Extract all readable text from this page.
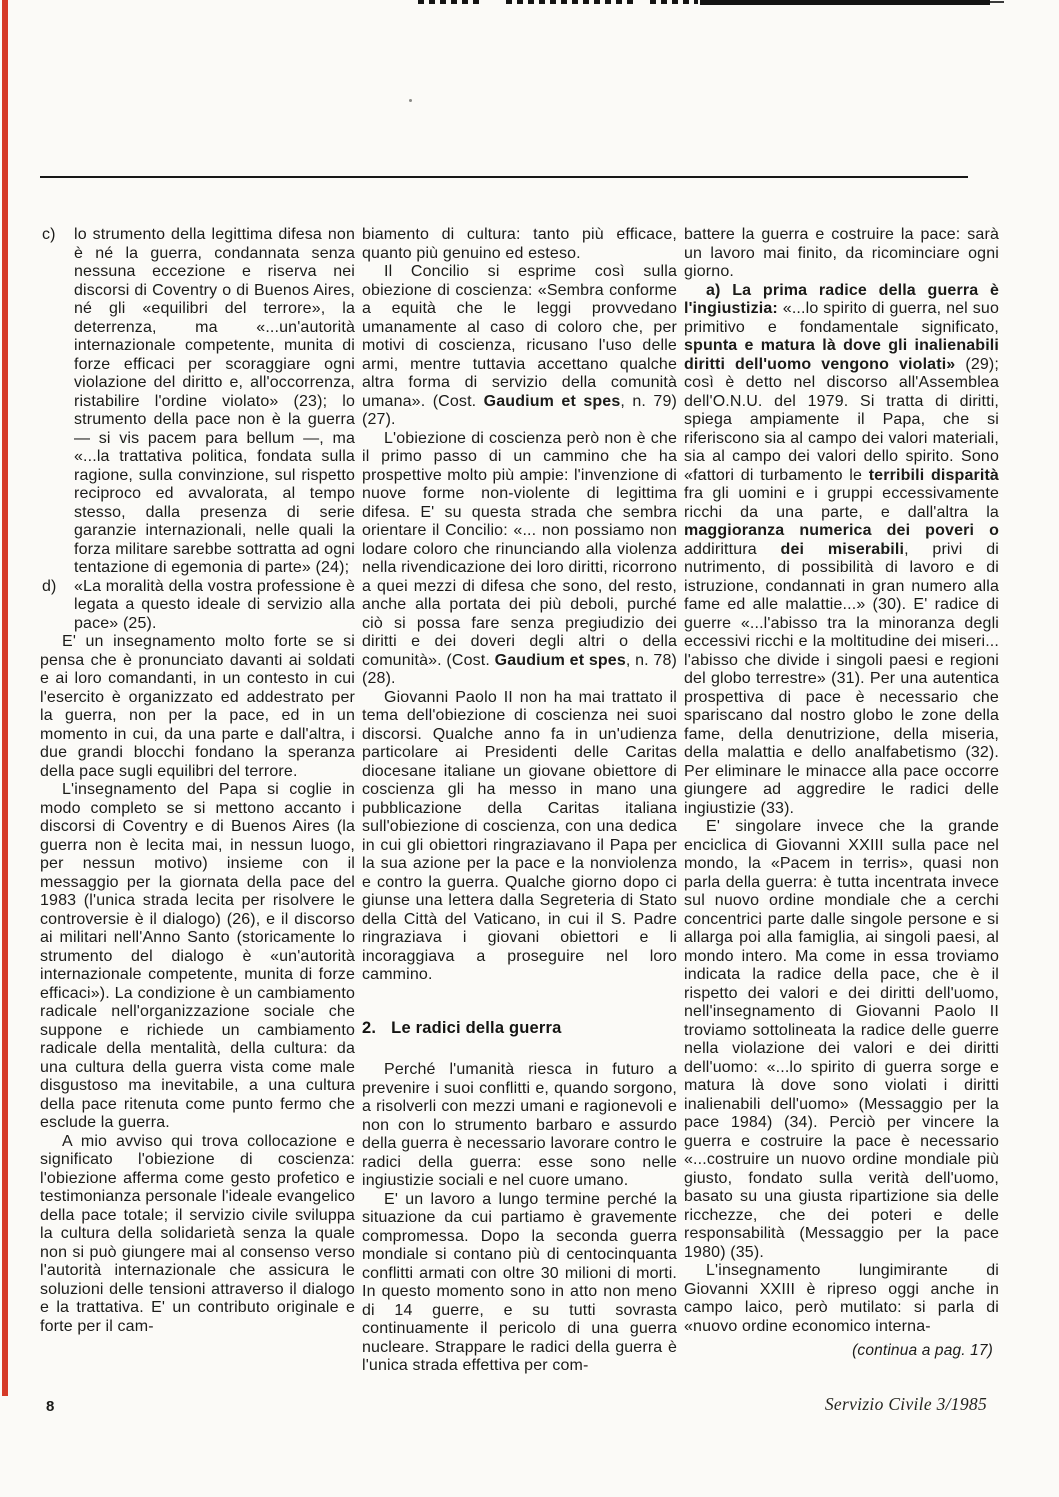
c) lo strumento della legittima difesa non è né la guerra, condannata senza nessuna eccezione e riserva nei discorsi di Coventry o di Buenos Aires, né gli «equilibri del terrore», la deterrenza, ma «...un'autorità internazionale competente, munita di forze efficaci per scoraggiare ogni violazione del diritto e, all'occorrenza, ristabilire l'ordine violato» (23); lo strumento della pace non è la guerra — si vis pacem para bellum —, ma «...la trattativa politica, fondata sulla ragione, sulla convinzione, sul rispetto reciproco ed avvalorata, al tempo stesso, dalla presenza di serie garanzie internazionali, nelle quali la forza militare sarebbe sottratta ad ogni tentazione di egemonia di parte» (24);

d) «La moralità della vostra professione è legata a questo ideale di servizio alla pace» (25).

E' un insegnamento molto forte se si pensa che è pronunciato davanti ai soldati e ai loro comandanti, in un contesto in cui l'esercito è organizzato ed addestrato per la guerra, non per la pace, ed in un momento in cui, da una parte e dall'altra, i due grandi blocchi fondano la speranza della pace sugli equilibri del terrore.

L'insegnamento del Papa si coglie in modo completo se si mettono accanto i discorsi di Coventry e di Buenos Aires (la guerra non è lecita mai, in nessun luogo, per nessun motivo) insieme con il messaggio per la giornata della pace del 1983 (l'unica strada lecita per risolvere le controversie è il dialogo) (26), e il discorso ai militari nell'Anno Santo (storicamente lo strumento del dialogo è «un'autorità internazionale competente, munita di forze efficaci»). La condizione è un cambiamento radicale nell'organizzazione sociale che suppone e richiede un cambiamento radicale della mentalità, della cultura: da una cultura della guerra vista come male disgustoso ma inevitabile, a una cultura della pace ritenuta come punto fermo che esclude la guerra.

A mio avviso qui trova collocazione e significato l'obiezione di coscienza: l'obiezione afferma come gesto profetico e testimonianza personale l'ideale evangelico della pace totale; il servizio civile sviluppa la cultura della solidarietà senza la quale non si può giungere mai al consenso verso l'autorità internazionale che assicura le soluzioni delle tensioni attraverso il dialogo e la trattativa. E' un contributo originale e forte per il cam-

biamento di cultura: tanto più efficace, quanto più genuino ed esteso.

Il Concilio si esprime così sulla obiezione di coscienza: «Sembra conforme a equità che le leggi provvedano umanamente al caso di coloro che, per motivi di coscienza, ricusano l'uso delle armi, mentre tuttavia accettano qualche altra forma di servizio della comunità umana». (Cost. Gaudium et spes, n. 79) (27).

L'obiezione di coscienza però non è che il primo passo di un cammino che ha prospettive molto più ampie: l'invenzione di nuove forme non-violente di legittima difesa. E' su questa strada che sembra orientare il Concilio: «... non possiamo non lodare coloro che rinunciando alla violenza nella rivendicazione dei loro diritti, ricorrono a quei mezzi di difesa che sono, del resto, anche alla portata dei più deboli, purché ciò si possa fare senza pregiudizio dei diritti e dei doveri degli altri o della comunità». (Cost. Gaudium et spes, n. 78) (28).

Giovanni Paolo II non ha mai trattato il tema dell'obiezione di coscienza nei suoi discorsi. Qualche anno fa in un'udienza particolare ai Presidenti delle Caritas diocesane italiane un giovane obiettore di coscienza gli ha messo in mano una pubblicazione della Caritas italiana sull'obiezione di coscienza, con una dedica in cui gli obiettori ringraziavano il Papa per la sua azione per la pace e la nonviolenza e contro la guerra. Qualche giorno dopo ci giunse una lettera dalla Segreteria di Stato della Città del Vaticano, in cui il S. Padre ringraziava i giovani obiettori e li incoraggiava a proseguire nel loro cammino.

2. Le radici della guerra

Perché l'umanità riesca in futuro a prevenire i suoi conflitti e, quando sorgono, a risolverli con mezzi umani e ragionevoli e non con lo strumento barbaro e assurdo della guerra è necessario lavorare contro le radici della guerra: esse sono nelle ingiustizie sociali e nel cuore umano.

E' un lavoro a lungo termine perché la situazione da cui partiamo è gravemente compromessa. Dopo la seconda guerra mondiale si contano più di centocinquanta conflitti armati con oltre 30 milioni di morti. In questo momento sono in atto non meno di 14 guerre, e su tutti sovrasta continuamente il pericolo di una guerra nucleare. Strappare le radici della guerra è l'unica strada effettiva per com-

battere la guerra e costruire la pace: sarà un lavoro mai finito, da ricominciare ogni giorno.

a) La prima radice della guerra è l'ingiustizia: «...lo spirito di guerra, nel suo primitivo e fondamentale significato, spunta e matura là dove gli inalienabili diritti dell'uomo vengono violati» (29); così è detto nel discorso all'Assemblea dell'O.N.U. del 1979. Si tratta di diritti, spiega ampiamente il Papa, che si riferiscono sia al campo dei valori materiali, sia al campo dei valori dello spirito. Sono «fattori di turbamento le terribili disparità fra gli uomini e i gruppi eccessivamente ricchi da una parte, e dall'altra la maggioranza numerica dei poveri o addirittura dei miserabili, privi di nutrimento, di possibilità di lavoro e di istruzione, condannati in gran numero alla fame ed alle malattie...» (30). E' radice di guerre «...l'abisso tra la minoranza degli eccessivi ricchi e la moltitudine dei miseri... l'abisso che divide i singoli paesi e regioni del globo terrestre» (31). Per una autentica prospettiva di pace è necessario che spariscano dal nostro globo le zone della fame, della denutrizione, della miseria, della malattia e dello analfabetismo (32). Per eliminare le minacce alla pace occorre giungere ad aggredire le radici delle ingiustizie (33).

E' singolare invece che la grande enciclica di Giovanni XXIII sulla pace nel mondo, la «Pacem in terris», quasi non parla della guerra: è tutta incentrata invece sul nuovo ordine mondiale che a cerchi concentrici parte dalle singole persone e si allarga poi alla famiglia, ai singoli paesi, al mondo intero. Ma come in essa troviamo indicata la radice della pace, che è il rispetto dei valori e dei diritti dell'uomo, nell'insegnamento di Giovanni Paolo II troviamo sottolineata la radice delle guerre nella violazione dei valori e dei diritti dell'uomo: «...lo spirito di guerra sorge e matura là dove sono violati i diritti inalienabili dell'uomo» (Messaggio per la pace 1984) (34). Perciò per vincere la guerra e costruire la pace è necessario «...costruire un nuovo ordine mondiale più giusto, fondato sulla verità dell'uomo, basato su una giusta ripartizione sia delle ricchezze, che dei poteri e delle responsabilità (Messaggio per la pace 1980) (35).

L'insegnamento lungimirante di Giovanni XXIII è ripreso oggi anche in campo laico, però mutilato: si parla di «nuovo ordine economico interna-

(continua a pag. 17)

8	Servizio Civile 3/1985
